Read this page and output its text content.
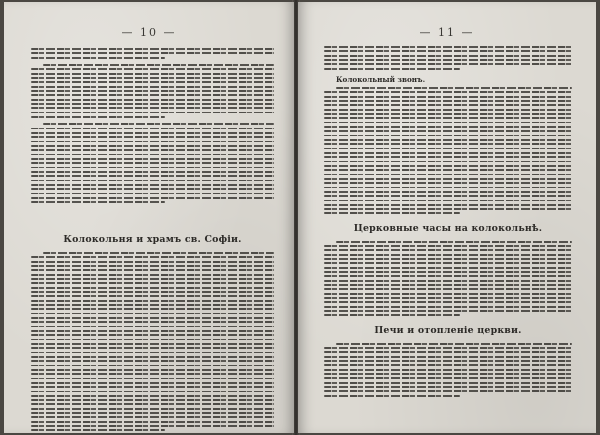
— 10 —
Колокольня и храмъ св. Софіи.
— 11 —
Колокольный звонъ.
Церковные часы на колокольнѣ.
Печи и отопленіе церкви.
